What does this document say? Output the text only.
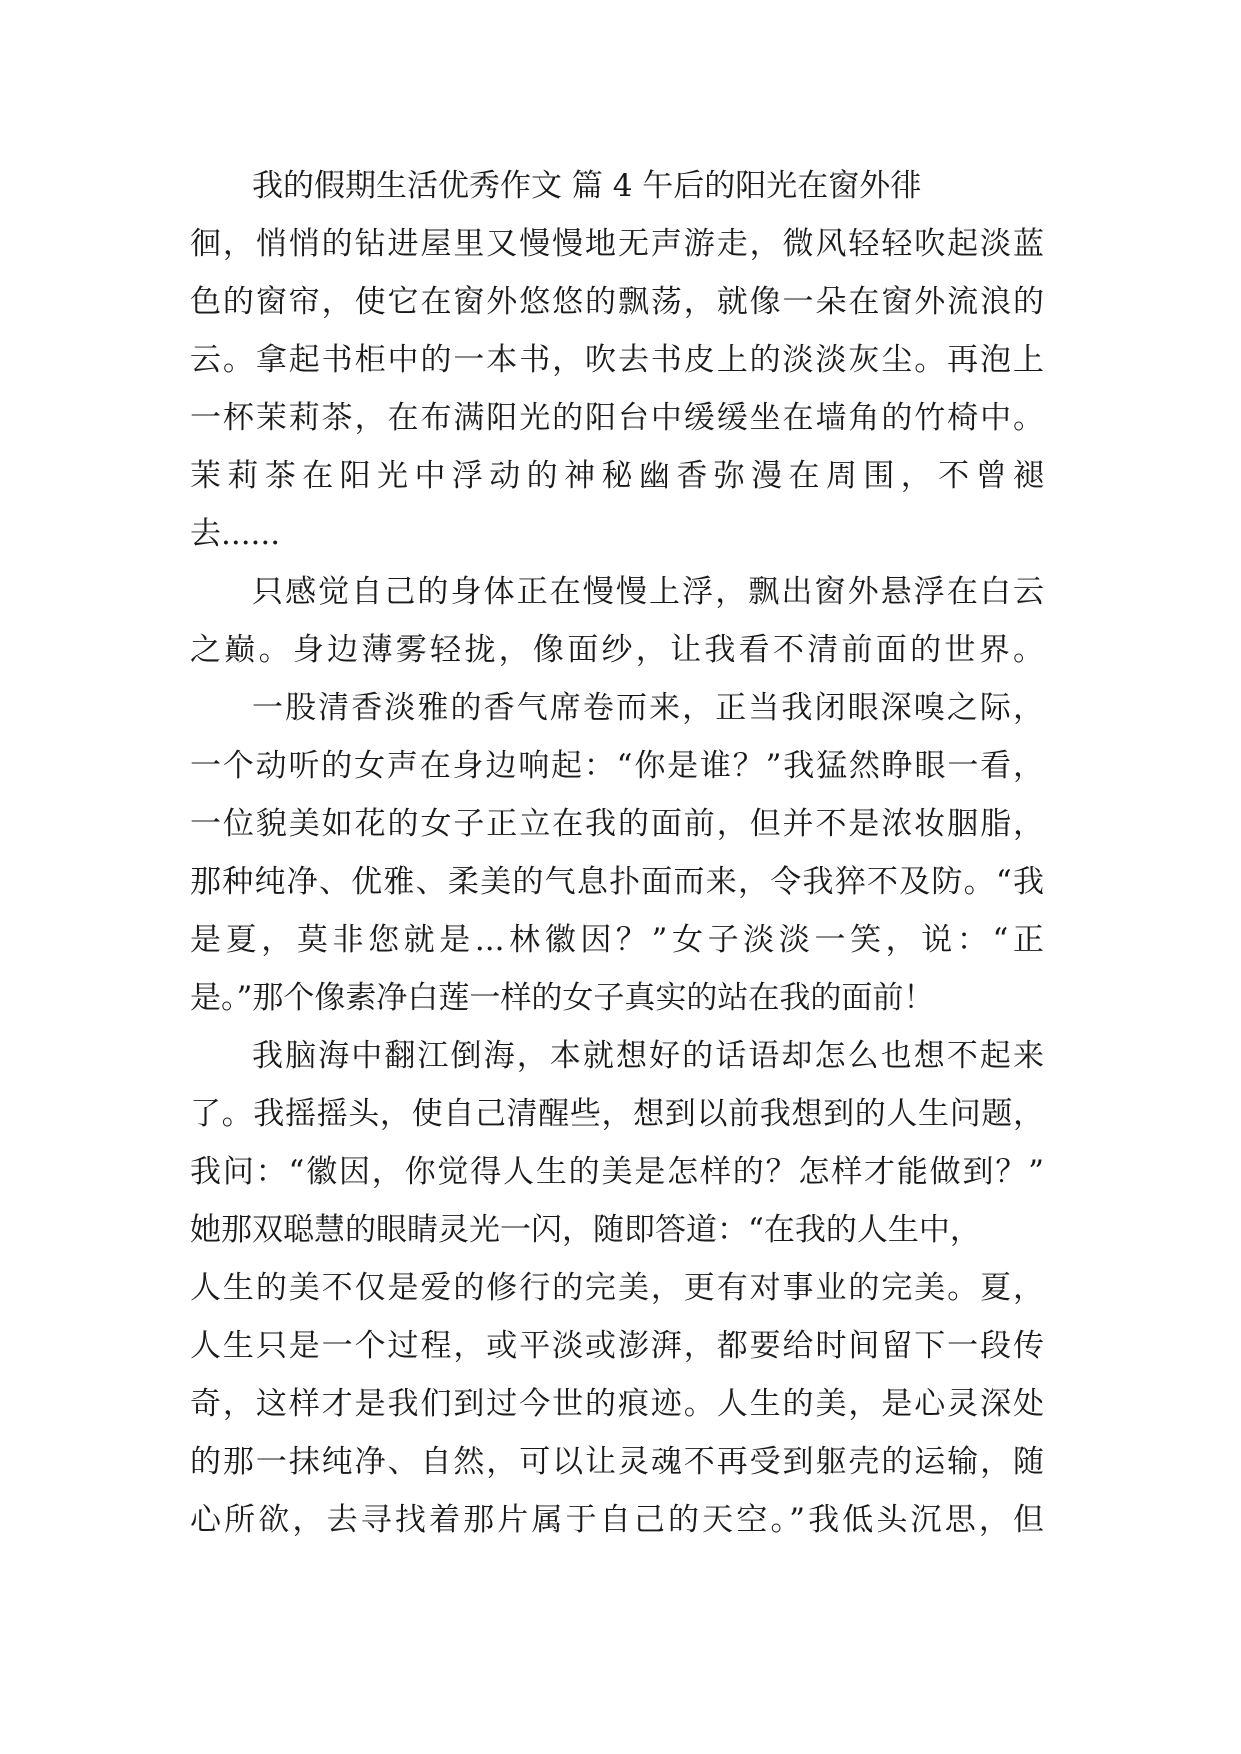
我的假期生活优秀作文 篇 4 午后的阳光在窗外徘
徊，悄悄的钻进屋里又慢慢地无声游走，微风轻轻吹起淡蓝
色的窗帘，使它在窗外悠悠的飘荡，就像一朵在窗外流浪的
云。拿起书柜中的一本书，吹去书皮上的淡淡灰尘。再泡上
一杯茉莉茶，在布满阳光的阳台中缓缓坐在墙角的竹椅中。
茉莉茶在阳光中浮动的神秘幽香弥漫在周围，不曾褪
去......
只感觉自己的身体正在慢慢上浮，飘出窗外悬浮在白云
之巅。身边薄雾轻拢，像面纱，让我看不清前面的世界。
一股清香淡雅的香气席卷而来，正当我闭眼深嗅之际，
一个动听的女声在身边响起：“你是谁？”我猛然睁眼一看，
一位貌美如花的女子正立在我的面前，但并不是浓妆胭脂，
那种纯净、优雅、柔美的气息扑面而来，令我猝不及防。“我
是夏，莫非您就是...林徽因？”女子淡淡一笑，说：“正
是。”那个像素净白莲一样的女子真实的站在我的面前！
我脑海中翻江倒海，本就想好的话语却怎么也想不起来
了。我摇摇头，使自己清醒些，想到以前我想到的人生问题，
我问：“徽因，你觉得人生的美是怎样的？怎样才能做到？”
她那双聪慧的眼睛灵光一闪，随即答道：“在我的人生中，
人生的美不仅是爱的修行的完美，更有对事业的完美。夏，
人生只是一个过程，或平淡或澎湃，都要给时间留下一段传
奇，这样才是我们到过今世的痕迹。人生的美，是心灵深处
的那一抹纯净、自然，可以让灵魂不再受到躯壳的运输，随
心所欲，去寻找着那片属于自己的天空。”我低头沉思，但
